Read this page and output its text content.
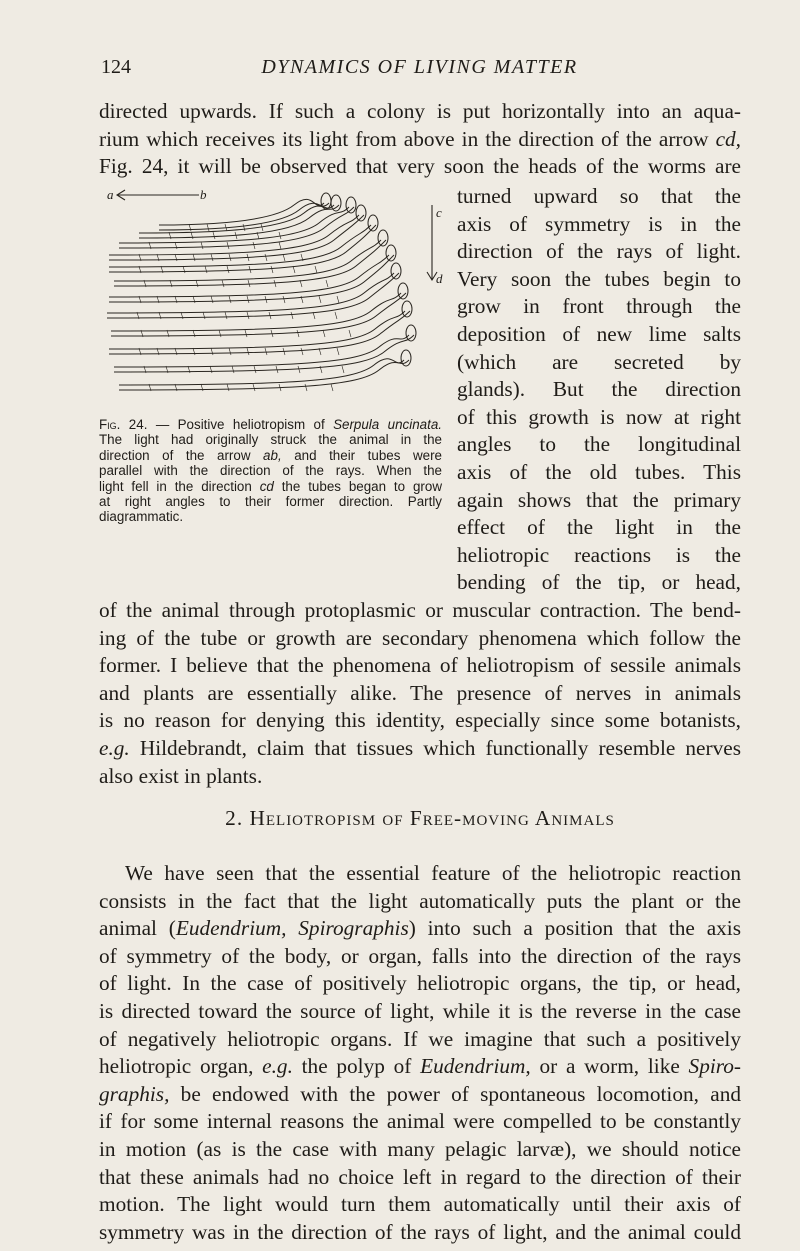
124	DYNAMICS OF LIVING MATTER

directed upwards. If such a colony is put horizontally into an aqua-
rium which receives its light from above in the direction of the arrow cd,
Fig. 24, it will be observed that very soon the heads of the worms are

turned upward so that the
axis of symmetry is in the
direction of the rays of light.
Very soon the tubes begin to
grow in front through the
deposition of new lime salts
(which are secreted by
glands). But the direction
of this growth is now at right
angles to the longitudinal
axis of the old tubes. This
again shows that the primary
effect of the light in the
heliotropic reactions is the
bending of the tip, or head,
a	b
c
d
Fig. 24. — Positive heliotropism of Serpula uncinata.
The light had originally struck the animal in the
direction of the arrow ab, and their tubes were
parallel with the direction of the rays. When the
light fell in the direction cd the tubes began to grow
at right angles to their former direction. Partly
diagrammatic.

of the animal through protoplasmic or muscular contraction. The bend-
ing of the tube or growth are secondary phenomena which follow the
former. I believe that the phenomena of heliotropism of sessile animals
and plants are essentially alike. The presence of nerves in animals
is no reason for denying this identity, especially since some botanists,
e.g. Hildebrandt, claim that tissues which functionally resemble nerves
also exist in plants.

2. Heliotropism of Free-moving Animals

We have seen that the essential feature of the heliotropic reaction
consists in the fact that the light automatically puts the plant or the
animal (Eudendrium, Spirographis) into such a position that the axis
of symmetry of the body, or organ, falls into the direction of the rays
of light. In the case of positively heliotropic organs, the tip, or head,
is directed toward the source of light, while it is the reverse in the case
of negatively heliotropic organs. If we imagine that such a positively
heliotropic organ, e.g. the polyp of Eudendrium, or a worm, like Spiro-
graphis, be endowed with the power of spontaneous locomotion, and
if for some internal reasons the animal were compelled to be constantly
in motion (as is the case with many pelagic larvæ), we should notice
that these animals had no choice left in regard to the direction of their
motion. The light would turn them automatically until their axis of
symmetry was in the direction of the rays of light, and the animal could
